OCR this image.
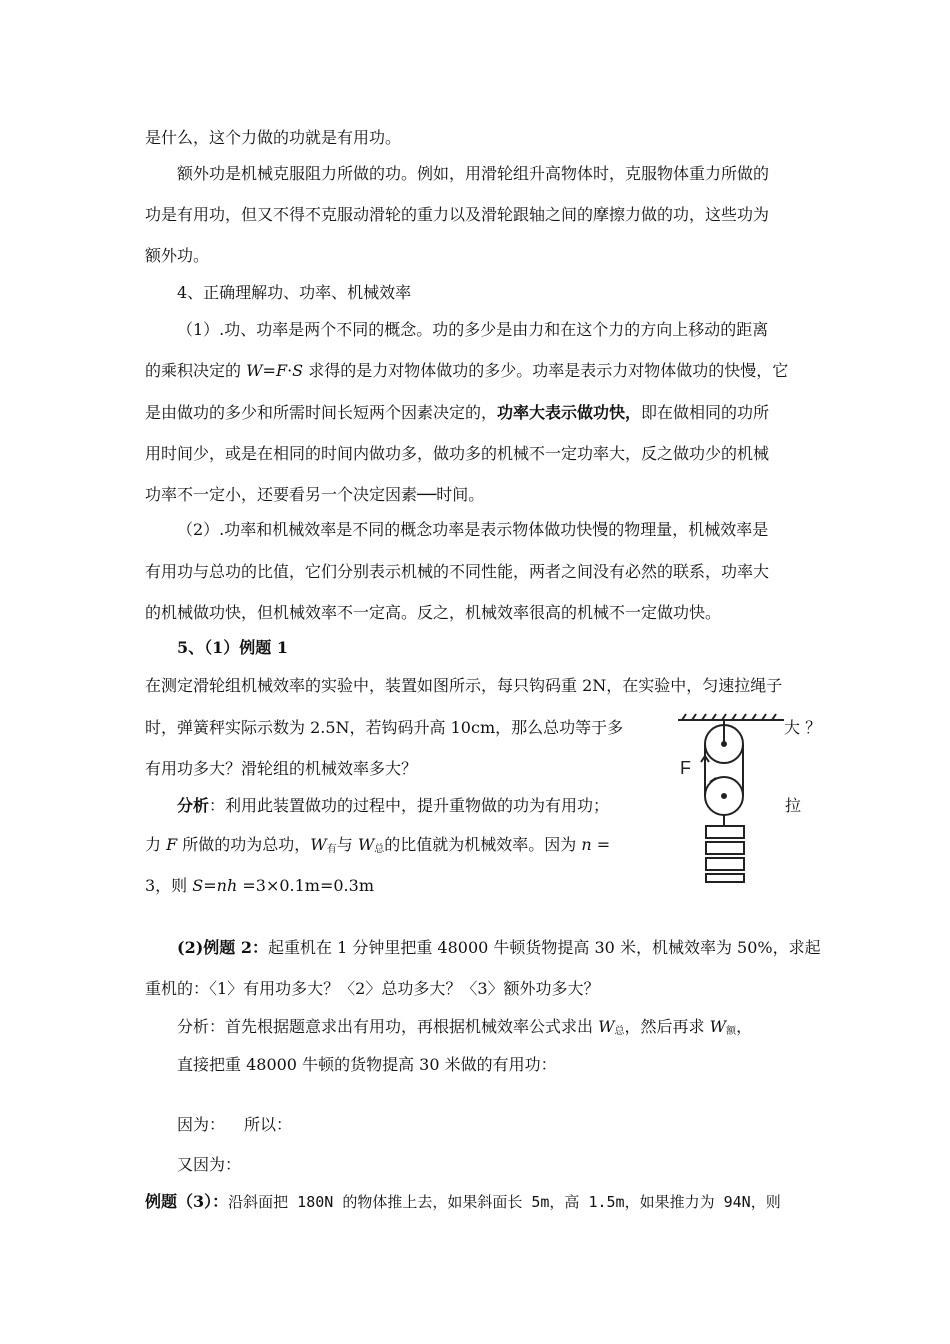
是什么，这个力做的功就是有用功。
额外功是机械克服阻力所做的功。例如，用滑轮组升高物体时，克服物体重力所做的
功是有用功，但又不得不克服动滑轮的重力以及滑轮跟轴之间的摩擦力做的功，这些功为
额外功。
4、正确理解功、功率、机械效率
（1）.功、功率是两个不同的概念。功的多少是由力和在这个力的方向上移动的距离
的乘积决定的 W=F·S 求得的是力对物体做功的多少。功率是表示力对物体做功的快慢，它
是由做功的多少和所需时间长短两个因素决定的，功率大表示做功快，即在做相同的功所
用时间少，或是在相同的时间内做功多，做功多的机械不一定功率大，反之做功少的机械
功率不一定小，还要看另一个决定因素──时间。
（2）.功率和机械效率是不同的概念功率是表示物体做功快慢的物理量，机械效率是
有用功与总功的比值，它们分别表示机械的不同性能，两者之间没有必然的联系，功率大
的机械做功快，但机械效率不一定高。反之，机械效率很高的机械不一定做功快。
5、（1）例题 1
在测定滑轮组机械效率的实验中，装置如图所示，每只钩码重 2N，在实验中，匀速拉绳子
时，弹簧秤实际示数为 2.5N，若钩码升高 10cm，那么总功等于多	大 ？
有用功多大？滑轮组的机械效率多大？
分析：利用此装置做功的过程中，提升重物做的功为有用功；	拉
力 F 所做的功为总功，$W_有$与 $W_总$的比值就为机械效率。因为 n =
3，则 S=nh =3×0.1m=0.3m
F
(2)例题 2：起重机在 1 分钟里把重 48000 牛顿货物提高 30 米，机械效率为 50%，求起
重机的：〈1〉有用功多大？〈2〉总功多大？〈3〉额外功多大？
分析：首先根据题意求出有用功，再根据机械效率公式求出 $W_总$，然后再求 $W_额$，
直接把重 48000 牛顿的货物提高 30 米做的有用功：
因为： 所以：
又因为：
例题（3）：沿斜面把 180N 的物体推上去，如果斜面长 5m，高 1.5m，如果推力为 94N，则
